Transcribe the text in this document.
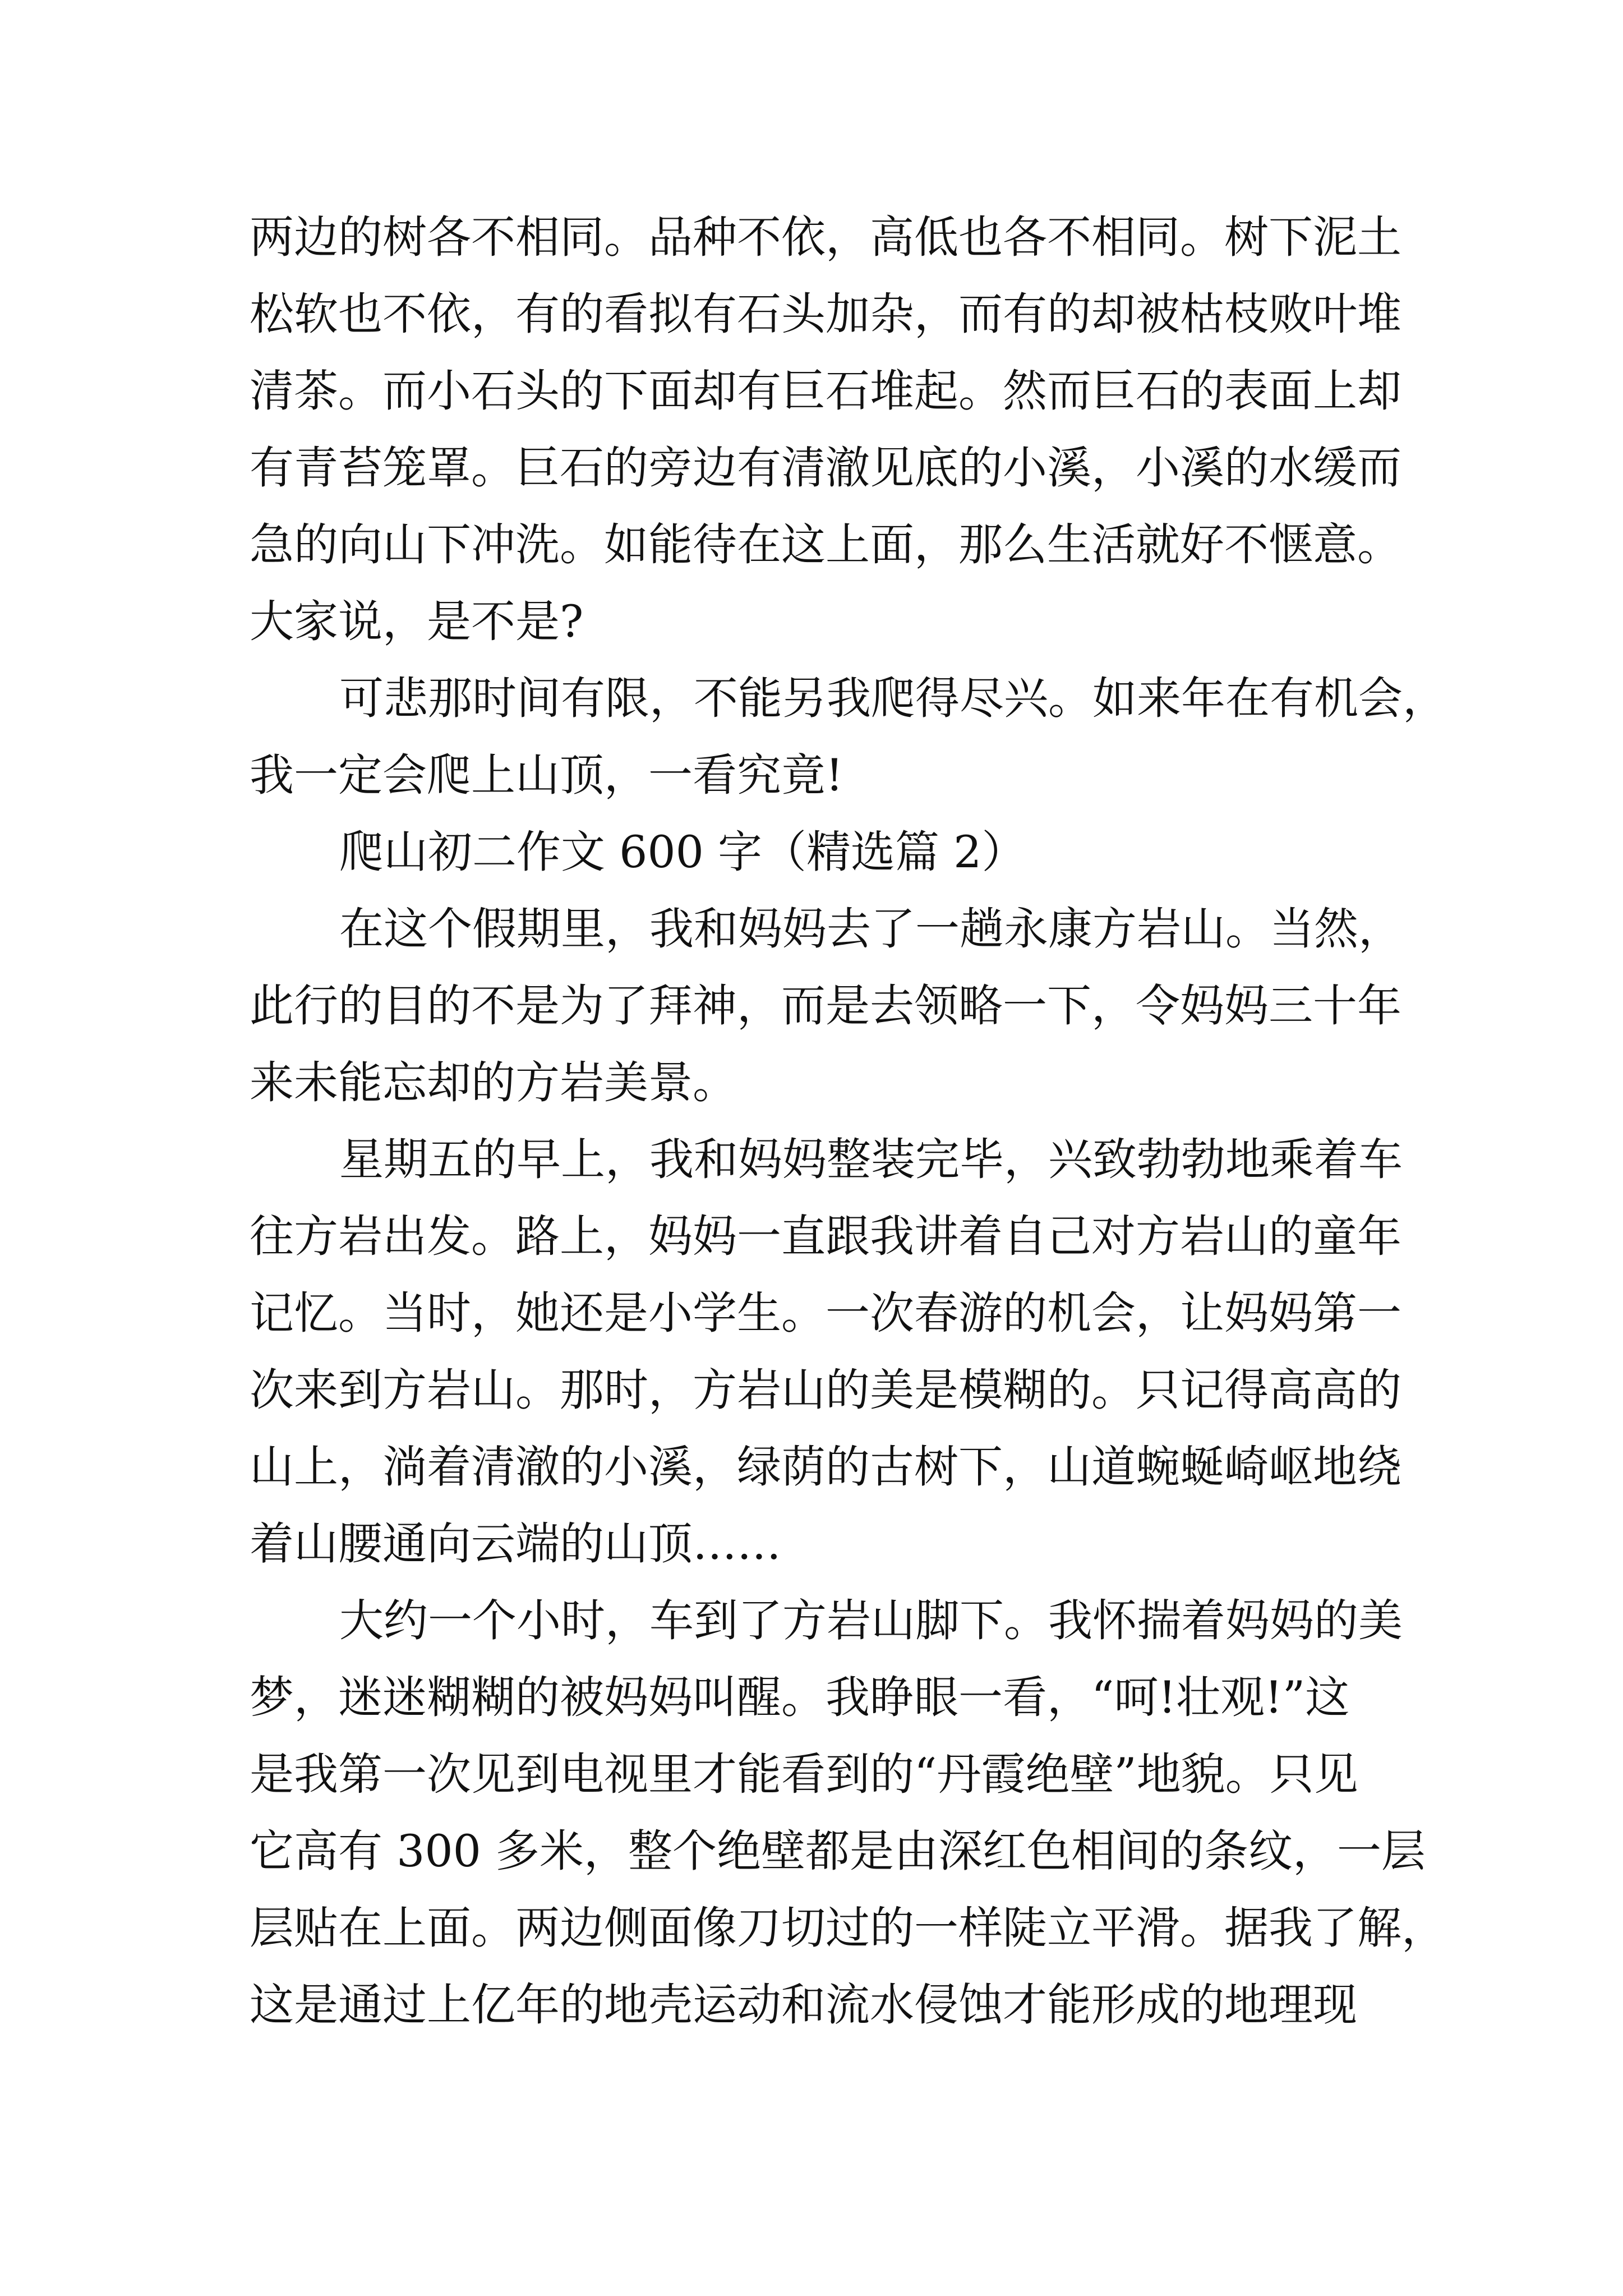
两边的树各不相同。品种不依，高低也各不相同。树下泥土
松软也不依，有的看拟有石头加杂，而有的却被枯枝败叶堆
清茶。而小石头的下面却有巨石堆起。然而巨石的表面上却
有青苔笼罩。巨石的旁边有清澈见底的小溪，小溪的水缓而
急的向山下冲洗。如能待在这上面，那么生活就好不惬意。
大家说，是不是?
可悲那时间有限，不能另我爬得尽兴。如来年在有机会，
我一定会爬上山顶，一看究竟!
爬山初二作文 600 字（精选篇 2）
在这个假期里，我和妈妈去了一趟永康方岩山。当然，
此行的目的不是为了拜神，而是去领略一下，令妈妈三十年
来未能忘却的方岩美景。
星期五的早上，我和妈妈整装完毕，兴致勃勃地乘着车
往方岩出发。路上，妈妈一直跟我讲着自己对方岩山的童年
记忆。当时，她还是小学生。一次春游的机会，让妈妈第一
次来到方岩山。那时，方岩山的美是模糊的。只记得高高的
山上，淌着清澈的小溪，绿荫的古树下，山道蜿蜒崎岖地绕
着山腰通向云端的山顶……
大约一个小时，车到了方岩山脚下。我怀揣着妈妈的美
梦，迷迷糊糊的被妈妈叫醒。我睁眼一看，“呵!壮观!”这
是我第一次见到电视里才能看到的“丹霞绝壁”地貌。只见
它高有 300 多米，整个绝壁都是由深红色相间的条纹，一层
层贴在上面。两边侧面像刀切过的一样陡立平滑。据我了解，
这是通过上亿年的地壳运动和流水侵蚀才能形成的地理现
